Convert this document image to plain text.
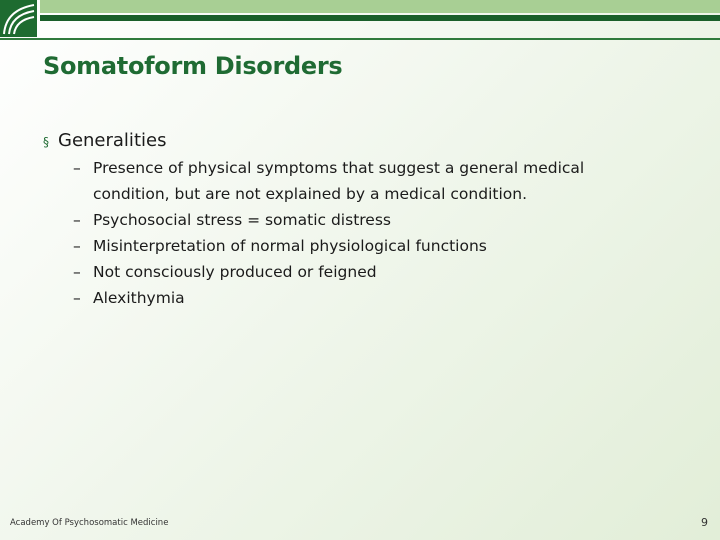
Somatoform Disorders
§ Generalities
– Presence of physical symptoms that suggest a general medical condition, but are not explained by a medical condition.
– Psychosocial stress = somatic distress
– Misinterpretation of normal physiological functions
– Not consciously produced or feigned
– Alexithymia
Academy Of Psychosomatic Medicine	9
